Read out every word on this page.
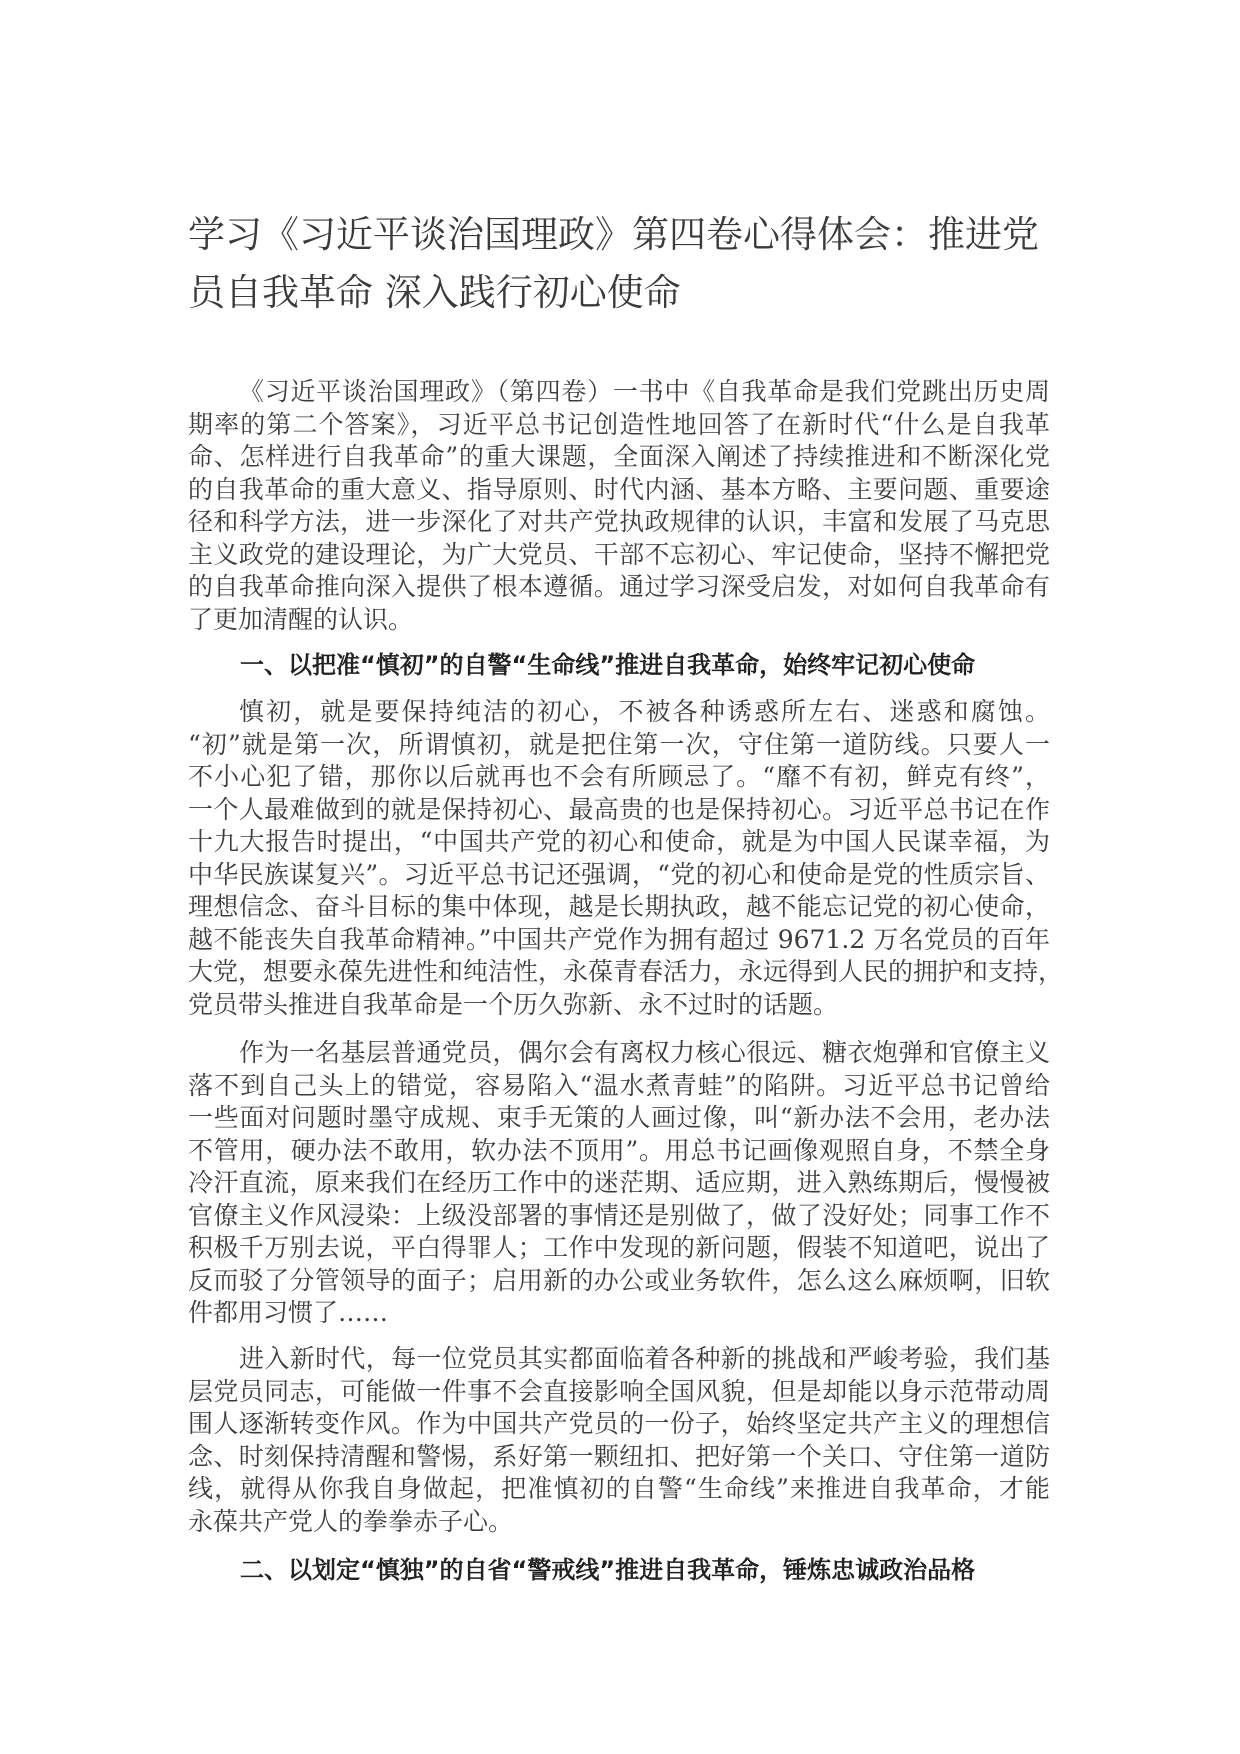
学习《习近平谈治国理政》第四卷心得体会：推进党
员自我革命 深入践行初心使命
《习近平谈治国理政》（第四卷）一书中《自我革命是我们党跳出历史周
期率的第二个答案》，习近平总书记创造性地回答了在新时代“什么是自我革
命、怎样进行自我革命”的重大课题，全面深入阐述了持续推进和不断深化党
的自我革命的重大意义、指导原则、时代内涵、基本方略、主要问题、重要途
径和科学方法，进一步深化了对共产党执政规律的认识，丰富和发展了马克思
主义政党的建设理论，为广大党员、干部不忘初心、牢记使命，坚持不懈把党
的自我革命推向深入提供了根本遵循。通过学习深受启发，对如何自我革命有
了更加清醒的认识。
一、以把准“慎初”的自警“生命线”推进自我革命，始终牢记初心使命
慎初，就是要保持纯洁的初心，不被各种诱惑所左右、迷惑和腐蚀。
“初”就是第一次，所谓慎初，就是把住第一次，守住第一道防线。只要人一
不小心犯了错，那你以后就再也不会有所顾忌了。“靡不有初，鲜克有终”，
一个人最难做到的就是保持初心、最高贵的也是保持初心。习近平总书记在作
十九大报告时提出，“中国共产党的初心和使命，就是为中国人民谋幸福，为
中华民族谋复兴”。习近平总书记还强调，“党的初心和使命是党的性质宗旨、
理想信念、奋斗目标的集中体现，越是长期执政，越不能忘记党的初心使命，
越不能丧失自我革命精神。”中国共产党作为拥有超过 9671.2 万名党员的百年
大党，想要永葆先进性和纯洁性，永葆青春活力，永远得到人民的拥护和支持，
党员带头推进自我革命是一个历久弥新、永不过时的话题。
作为一名基层普通党员，偶尔会有离权力核心很远、糖衣炮弹和官僚主义
落不到自己头上的错觉，容易陷入“温水煮青蛙”的陷阱。习近平总书记曾给
一些面对问题时墨守成规、束手无策的人画过像，叫“新办法不会用，老办法
不管用，硬办法不敢用，软办法不顶用”。用总书记画像观照自身，不禁全身
冷汗直流，原来我们在经历工作中的迷茫期、适应期，进入熟练期后，慢慢被
官僚主义作风浸染：上级没部署的事情还是别做了，做了没好处；同事工作不
积极千万别去说，平白得罪人；工作中发现的新问题，假装不知道吧，说出了
反而驳了分管领导的面子；启用新的办公或业务软件，怎么这么麻烦啊，旧软
件都用习惯了……
进入新时代，每一位党员其实都面临着各种新的挑战和严峻考验，我们基
层党员同志，可能做一件事不会直接影响全国风貌，但是却能以身示范带动周
围人逐渐转变作风。作为中国共产党员的一份子，始终坚定共产主义的理想信
念、时刻保持清醒和警惕，系好第一颗纽扣、把好第一个关口、守住第一道防
线，就得从你我自身做起，把准慎初的自警“生命线”来推进自我革命，才能
永葆共产党人的拳拳赤子心。
二、以划定“慎独”的自省“警戒线”推进自我革命，锤炼忠诚政治品格
